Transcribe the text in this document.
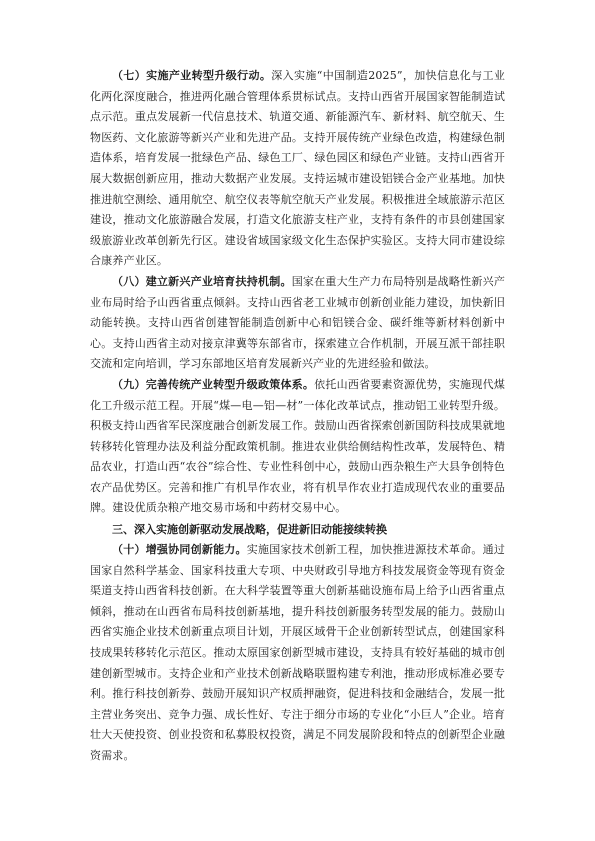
（七）实施产业转型升级行动。深入实施“中国制造2025”，加快信息化与工业化两化深度融合，推进两化融合管理体系贯标试点。支持山西省开展国家智能制造试点示范。重点发展新一代信息技术、轨道交通、新能源汽车、新材料、航空航天、生物医药、文化旅游等新兴产业和先进产品。支持开展传统产业绿色改造，构建绿色制造体系，培育发展一批绿色产品、绿色工厂、绿色园区和绿色产业链。支持山西省开展大数据创新应用，推动大数据产业发展。支持运城市建设铝镁合金产业基地。加快推进航空测绘、通用航空、航空仪表等航空航天产业发展。积极推进全域旅游示范区建设，推动文化旅游融合发展，打造文化旅游支柱产业，支持有条件的市县创建国家级旅游业改革创新先行区。建设省域国家级文化生态保护实验区。支持大同市建设综合康养产业区。

（八）建立新兴产业培育扶持机制。国家在重大生产力布局特别是战略性新兴产业布局时给予山西省重点倾斜。支持山西省老工业城市创新创业能力建设，加快新旧动能转换。支持山西省创建智能制造创新中心和铝镁合金、碳纤维等新材料创新中心。支持山西省主动对接京津冀等东部省市，探索建立合作机制，开展互派干部挂职交流和定向培训，学习东部地区培育发展新兴产业的先进经验和做法。

（九）完善传统产业转型升级政策体系。依托山西省要素资源优势，实施现代煤化工升级示范工程。开展“煤—电—铝—材”一体化改革试点，推动铝工业转型升级。积极支持山西省军民深度融合创新发展工作。鼓励山西省探索创新国防科技成果就地转移转化管理办法及利益分配政策机制。推进农业供给侧结构性改革，发展特色、精品农业，打造山西“农谷”综合性、专业性科创中心，鼓励山西杂粮生产大县争创特色农产品优势区。完善和推广有机旱作农业，将有机旱作农业打造成现代农业的重要品牌。建设优质杂粮产地交易市场和中药材交易中心。

三、深入实施创新驱动发展战略，促进新旧动能接续转换

（十）增强协同创新能力。实施国家技术创新工程，加快推进源技术革命。通过国家自然科学基金、国家科技重大专项、中央财政引导地方科技发展资金等现有资金渠道支持山西省科技创新。在大科学装置等重大创新基础设施布局上给予山西省重点倾斜，推动在山西省布局科技创新基地，提升科技创新服务转型发展的能力。鼓励山西省实施企业技术创新重点项目计划，开展区域骨干企业创新转型试点，创建国家科技成果转移转化示范区。推动太原国家创新型城市建设，支持具有较好基础的城市创建创新型城市。支持企业和产业技术创新战略联盟构建专利池，推动形成标准必要专利。推行科技创新券、鼓励开展知识产权质押融资，促进科技和金融结合，发展一批主营业务突出、竞争力强、成长性好、专注于细分市场的专业化“小巨人”企业。培育壮大天使投资、创业投资和私募股权投资，满足不同发展阶段和特点的创新型企业融资需求。
